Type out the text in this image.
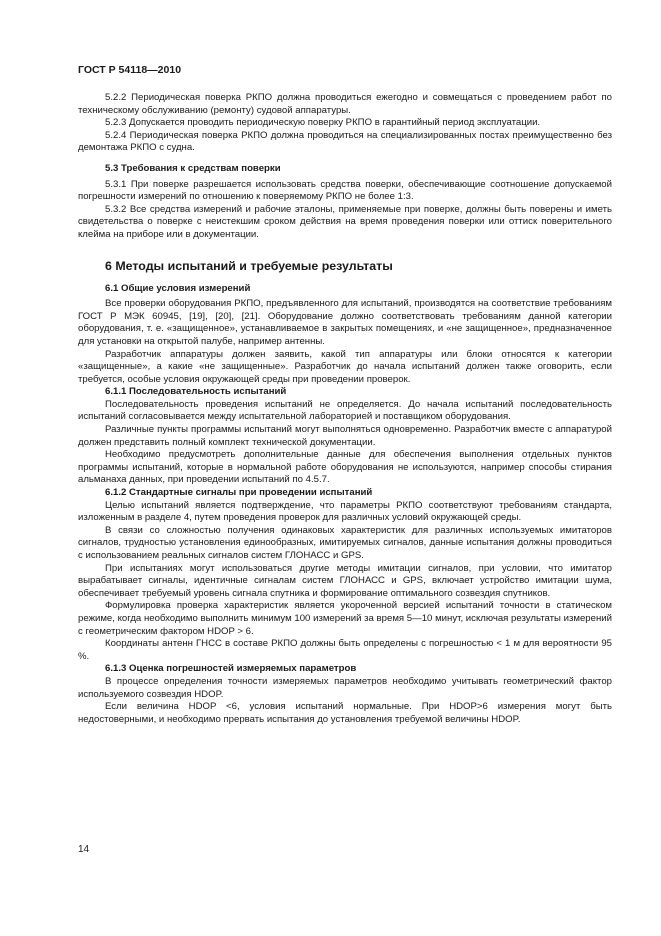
ГОСТ Р 54118—2010

5.2.2 Периодическая поверка РКПО должна проводиться ежегодно и совмещаться с проведением работ по техническому обслуживанию (ремонту) судовой аппаратуры.

5.2.3 Допускается проводить периодическую поверку РКПО в гарантийный период эксплуатации.

5.2.4 Периодическая поверка РКПО должна проводиться на специализированных постах преимущественно без демонтажа РКПО с судна.

5.3 Требования к средствам поверки

5.3.1 При поверке разрешается использовать средства поверки, обеспечивающие соотношение допускаемой погрешности измерений по отношению к поверяемому РКПО не более 1:3.

5.3.2 Все средства измерений и рабочие эталоны, применяемые при поверке, должны быть поверены и иметь свидетельства о поверке с неистекшим сроком действия на время проведения поверки или оттиск поверительного клейма на приборе или в документации.

6 Методы испытаний и требуемые результаты

6.1 Общие условия измерений

Все проверки оборудования РКПО, предъявленного для испытаний, производятся на соответствие требованиям ГОСТ Р МЭК 60945, [19], [20], [21]. Оборудование должно соответствовать требованиям данной категории оборудования, т. е. «защищенное», устанавливаемое в закрытых помещениях, и «не защищенное», предназначенное для установки на открытой палубе, например антенны.

Разработчик аппаратуры должен заявить, какой тип аппаратуры или блоки относятся к категории «защищенные», а какие «не защищенные». Разработчик до начала испытаний должен также оговорить, если требуется, особые условия окружающей среды при проведении проверок.

6.1.1 Последовательность испытаний

Последовательность проведения испытаний не определяется. До начала испытаний последовательность испытаний согласовывается между испытательной лабораторией и поставщиком оборудования.

Различные пункты программы испытаний могут выполняться одновременно. Разработчик вместе с аппаратурой должен представить полный комплект технической документации.

Необходимо предусмотреть дополнительные данные для обеспечения выполнения отдельных пунктов программы испытаний, которые в нормальной работе оборудования не используются, например способы стирания альманаха данных, при проведении испытаний по 4.5.7.

6.1.2 Стандартные сигналы при проведении испытаний

Целью испытаний является подтверждение, что параметры РКПО соответствуют требованиям стандарта, изложенным в разделе 4, путем проведения проверок для различных условий окружающей среды.

В связи со сложностью получения одинаковых характеристик для различных используемых имитаторов сигналов, трудностью установления единообразных, имитируемых сигналов, данные испытания должны проводиться с использованием реальных сигналов систем ГЛОНАСС и GPS.

При испытаниях могут использоваться другие методы имитации сигналов, при условии, что имитатор вырабатывает сигналы, идентичные сигналам систем ГЛОНАСС и GPS, включает устройство имитации шума, обеспечивает требуемый уровень сигнала спутника и формирование оптимального созвездия спутников.

Формулировка проверка характеристик является укороченной версией испытаний точности в статическом режиме, когда необходимо выполнить минимум 100 измерений за время 5—10 минут, исключая результаты измерений с геометрическим фактором HDOP > 6.

Координаты антенн ГНСС в составе РКПО должны быть определены с погрешностью < 1 м для вероятности 95 %.

6.1.3 Оценка погрешностей измеряемых параметров

В процессе определения точности измеряемых параметров необходимо учитывать геометрический фактор используемого созвездия HDOP.

Если величина HDOP <6, условия испытаний нормальные. При HDOP>6 измерения могут быть недостоверными, и необходимо прервать испытания до установления требуемой величины HDOP.

14
